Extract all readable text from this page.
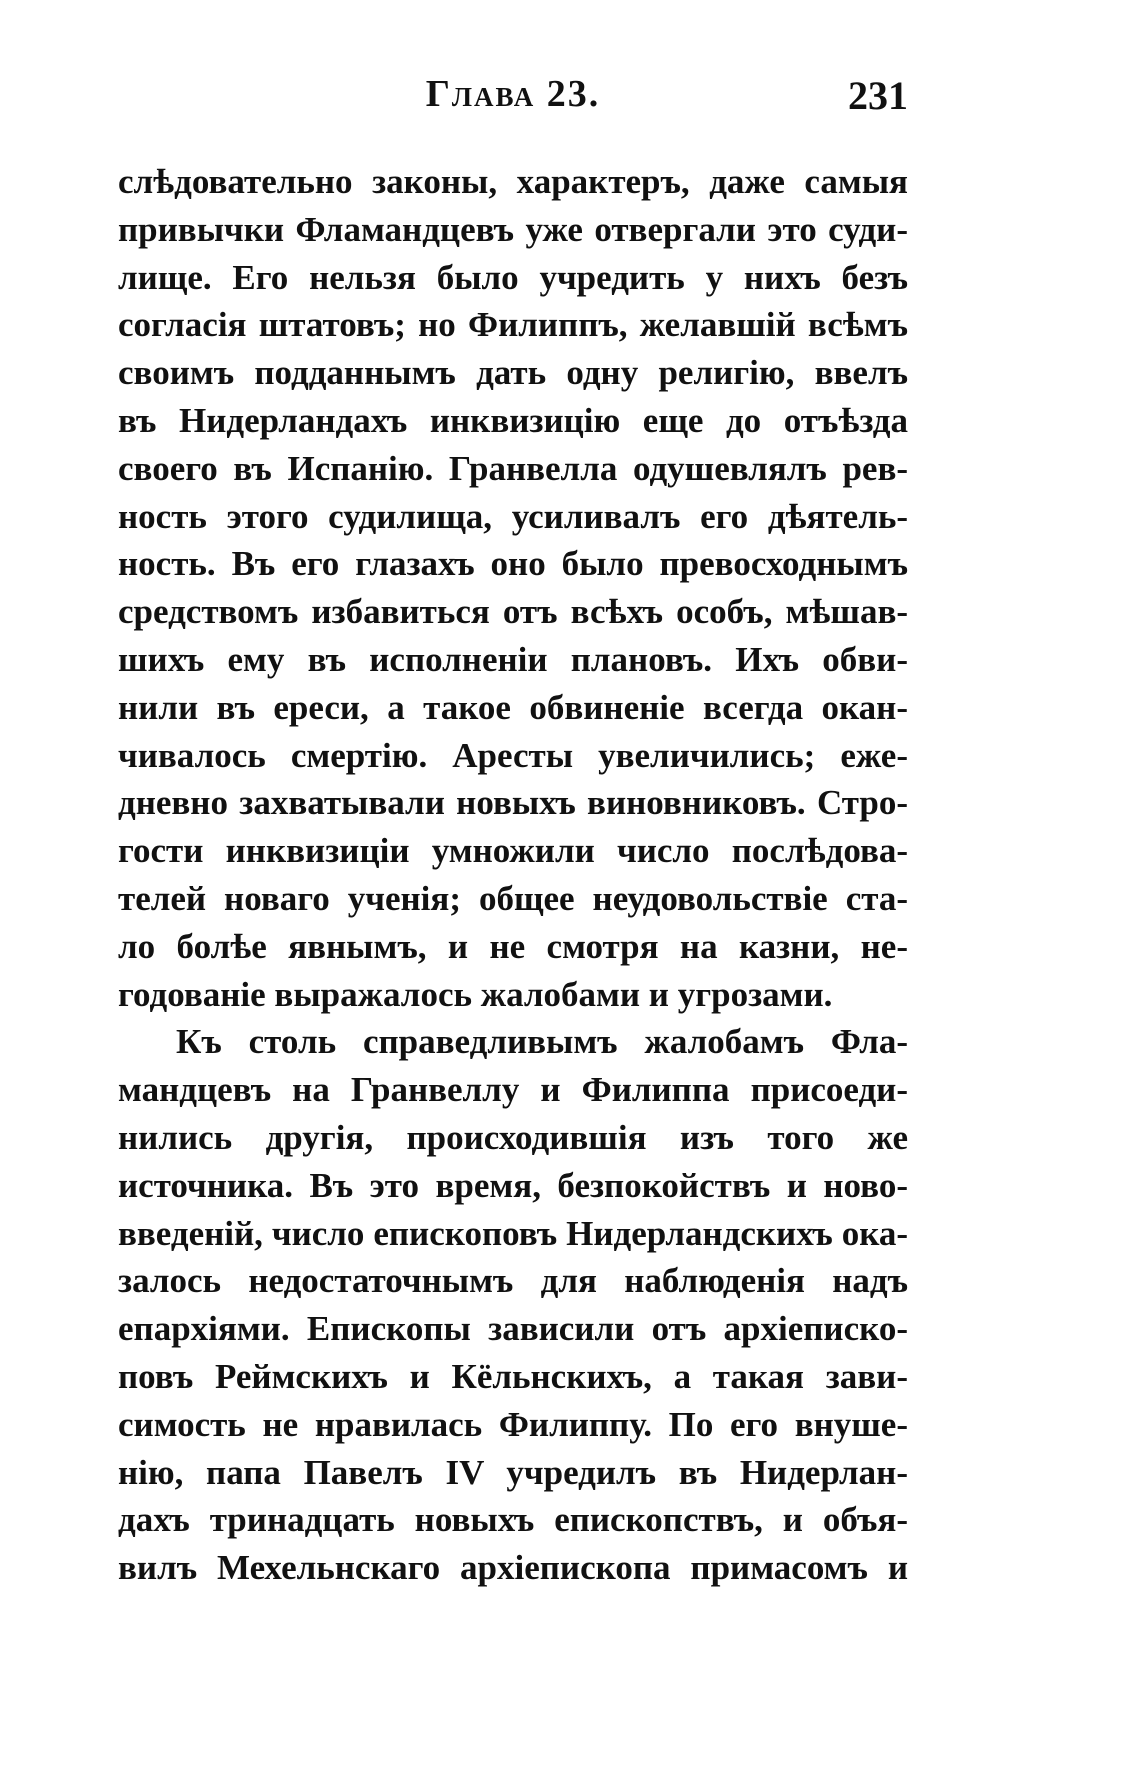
Глава 23.	231
слѣдовательно законы, характеръ, даже самыя
привычки Фламандцевъ уже отвергали это суди-
лище. Его нельзя было учредить у нихъ безъ
согласія штатовъ; но Филиппъ, желавшій всѣмъ
своимъ подданнымъ дать одну религію, ввелъ
въ Нидерландахъ инквизицію еще до отъѣзда
своего въ Испанію. Гранвелла одушевлялъ рев-
ность этого судилища, усиливалъ его дѣятель-
ность. Въ его глазахъ оно было превосходнымъ
средствомъ избавиться отъ всѣхъ особъ, мѣшав-
шихъ ему въ исполненіи плановъ. Ихъ обви-
нили въ ереси, а такое обвиненіе всегда окан-
чивалось смертію. Аресты увеличились; еже-
дневно захватывали новыхъ виновниковъ. Стро-
гости инквизиціи умножили число послѣдова-
телей новаго ученія; общее неудовольствіе ста-
ло болѣе явнымъ, и не смотря на казни, не-
годованіе выражалось жалобами и угрозами.
Къ столь справедливымъ жалобамъ Фла-
мандцевъ на Гранвеллу и Филиппа присоеди-
нились другія, происходившія изъ того же
источника. Въ это время, безпокойствъ и ново-
введеній, число епископовъ Нидерландскихъ ока-
залось недостаточнымъ для наблюденія надъ
епархіями. Епископы зависили отъ архіеписко-
повъ Реймскихъ и Кёльнскихъ, а такая зави-
симость не нравилась Филиппу. По его внуше-
нію, папа Павелъ IV учредилъ въ Нидерлан-
дахъ тринадцать новыхъ епископствъ, и объя-
вилъ Мехельнскаго архіепископа примасомъ и
